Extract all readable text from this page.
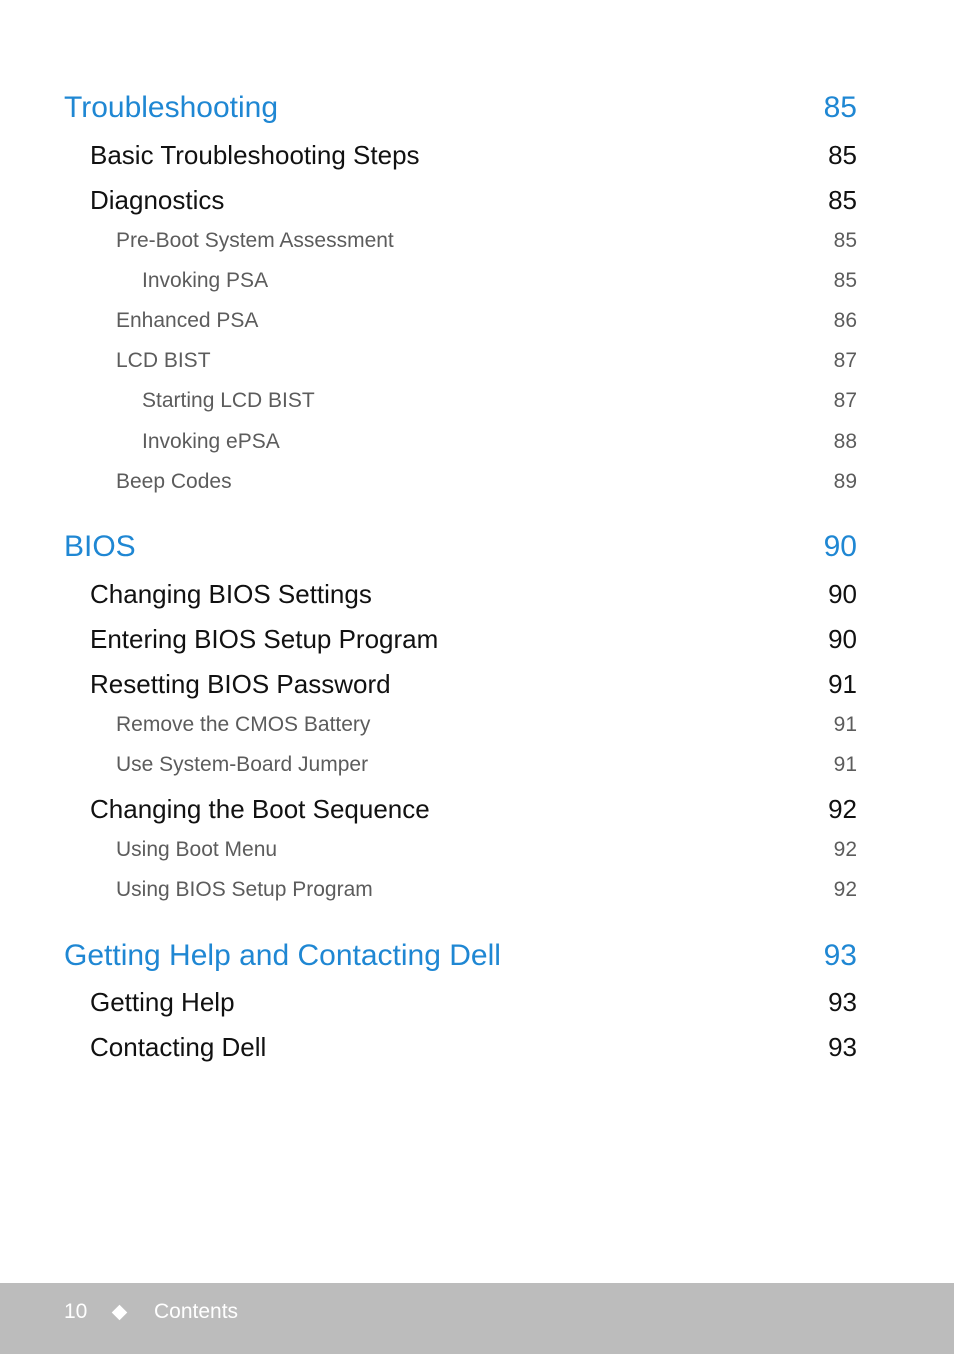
Troubleshooting	85
Basic Troubleshooting Steps	85
Diagnostics	85
Pre-Boot System Assessment	85
Invoking PSA	85
Enhanced PSA	86
LCD BIST	87
Starting LCD BIST	87
Invoking ePSA	88
Beep Codes	89
BIOS	90
Changing BIOS Settings	90
Entering BIOS Setup Program	90
Resetting BIOS Password	91
Remove the CMOS Battery	91
Use System-Board Jumper	91
Changing the Boot Sequence	92
Using Boot Menu	92
Using BIOS Setup Program	92
Getting Help and Contacting Dell	93
Getting Help	93
Contacting Dell	93
10	Contents
